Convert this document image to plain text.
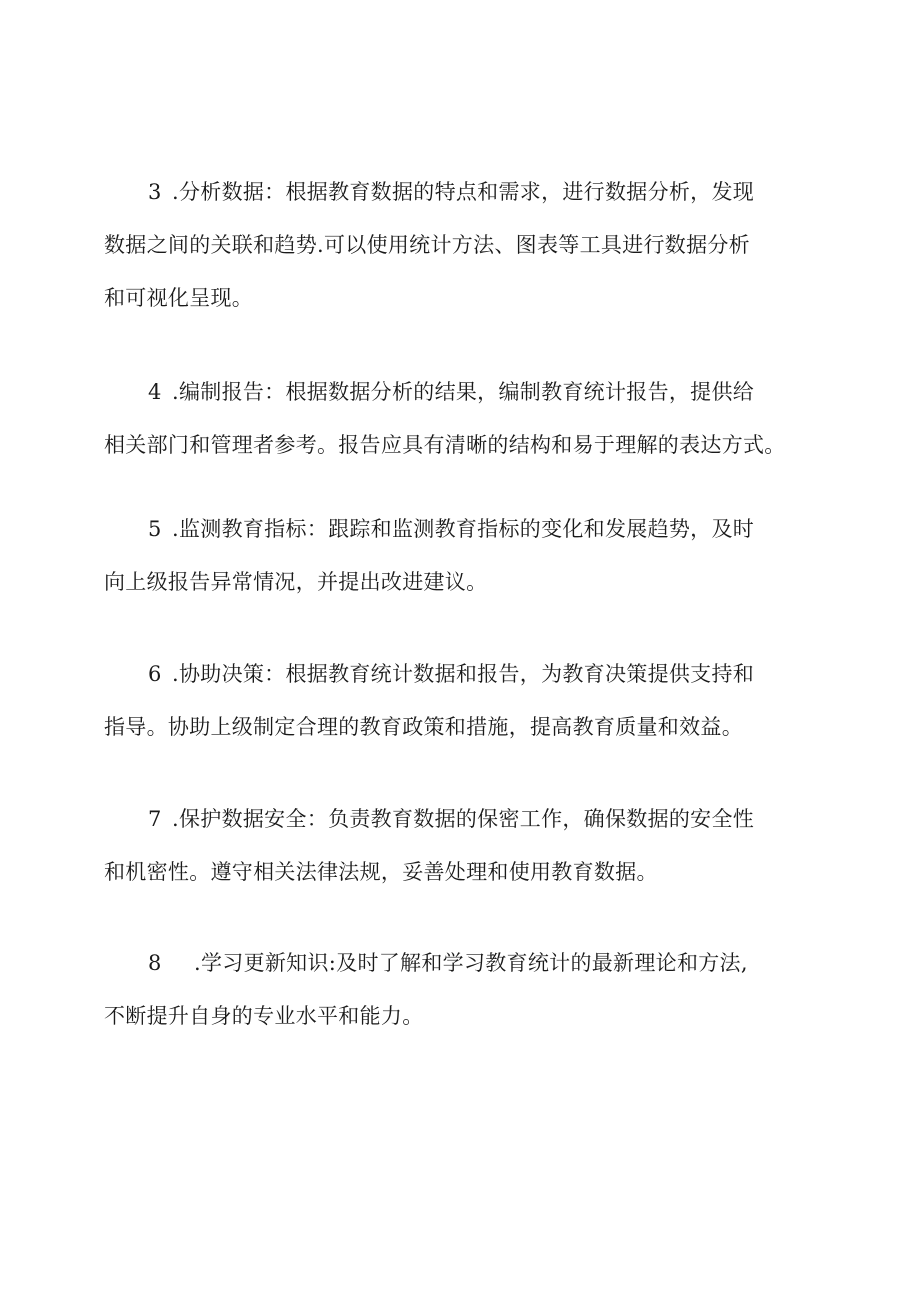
3 .分析数据：根据教育数据的特点和需求，进行数据分析，发现
数据之间的关联和趋势.可以使用统计方法、图表等工具进行数据分析
和可视化呈现。

4 .编制报告：根据数据分析的结果，编制教育统计报告，提供给
相关部门和管理者参考。报告应具有清晰的结构和易于理解的表达方式。

5 .监测教育指标：跟踪和监测教育指标的变化和发展趋势，及时
向上级报告异常情况，并提出改进建议。

6 .协助决策：根据教育统计数据和报告，为教育决策提供支持和
指导。协助上级制定合理的教育政策和措施，提高教育质量和效益。

7 .保护数据安全：负责教育数据的保密工作，确保数据的安全性
和机密性。遵守相关法律法规，妥善处理和使用教育数据。

8 .学习更新知识:及时了解和学习教育统计的最新理论和方法,
不断提升自身的专业水平和能力。
